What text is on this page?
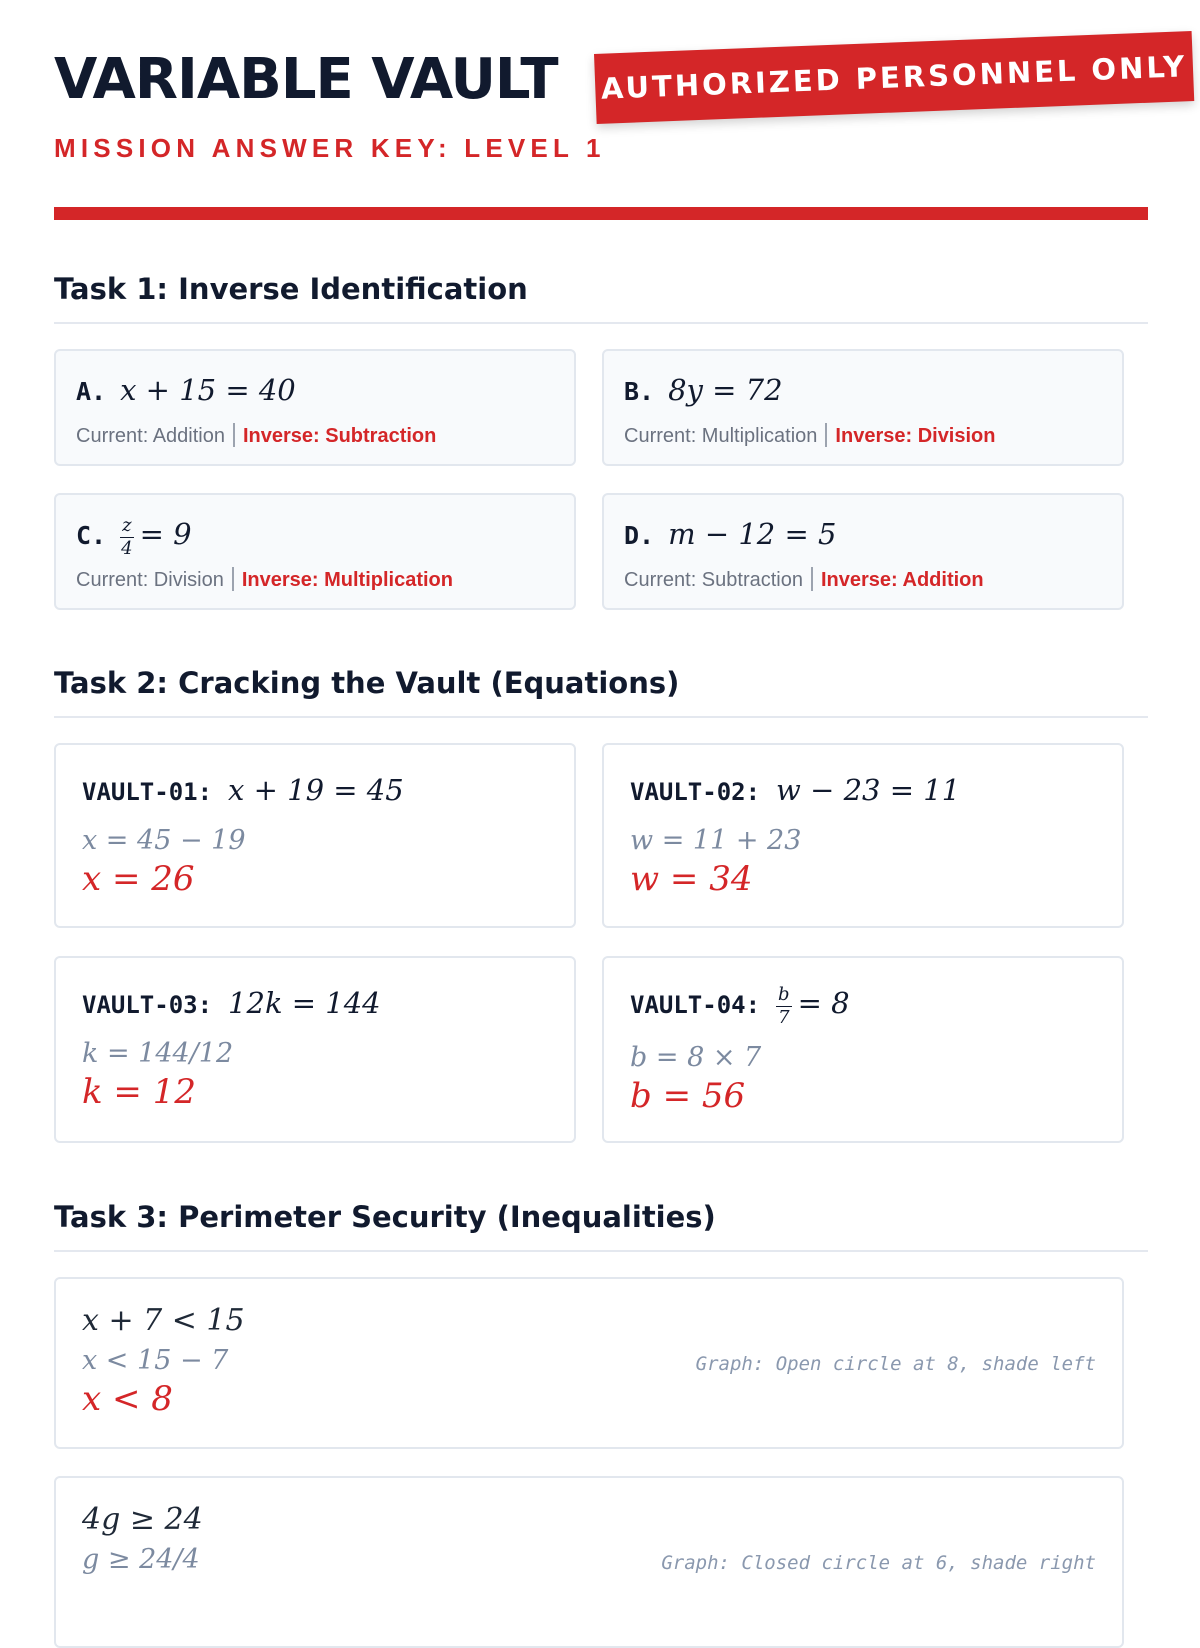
VARIABLE VAULT
MISSION ANSWER KEY: LEVEL 1
AUTHORIZED PERSONNEL ONLY
Task 1: Inverse Identification
A. x + 15 = 40
Current: Addition Inverse: Subtraction
B. 8y = 72
Current: Multiplication Inverse: Division
C. $\frac{z}{4} = 9$
Current: Division Inverse: Multiplication
D. m − 12 = 5
Current: Subtraction Inverse: Addition
Task 2: Cracking the Vault (Equations)
VAULT-01: x + 19 = 45
x = 45 − 19
x = 26
VAULT-02: w − 23 = 11
w = 11 + 23
w = 34
VAULT-03: 12k = 144
k = 144/12
k = 12
VAULT-04: $\frac{b}{7} = 8$
b = 8 × 7
b = 56
Task 3: Perimeter Security (Inequalities)
x + 7 < 15
x < 15 − 7
x < 8
Graph: Open circle at 8, shade left
4g ≥ 24
g ≥ 24/4	Graph: Closed circle at 6, shade right
